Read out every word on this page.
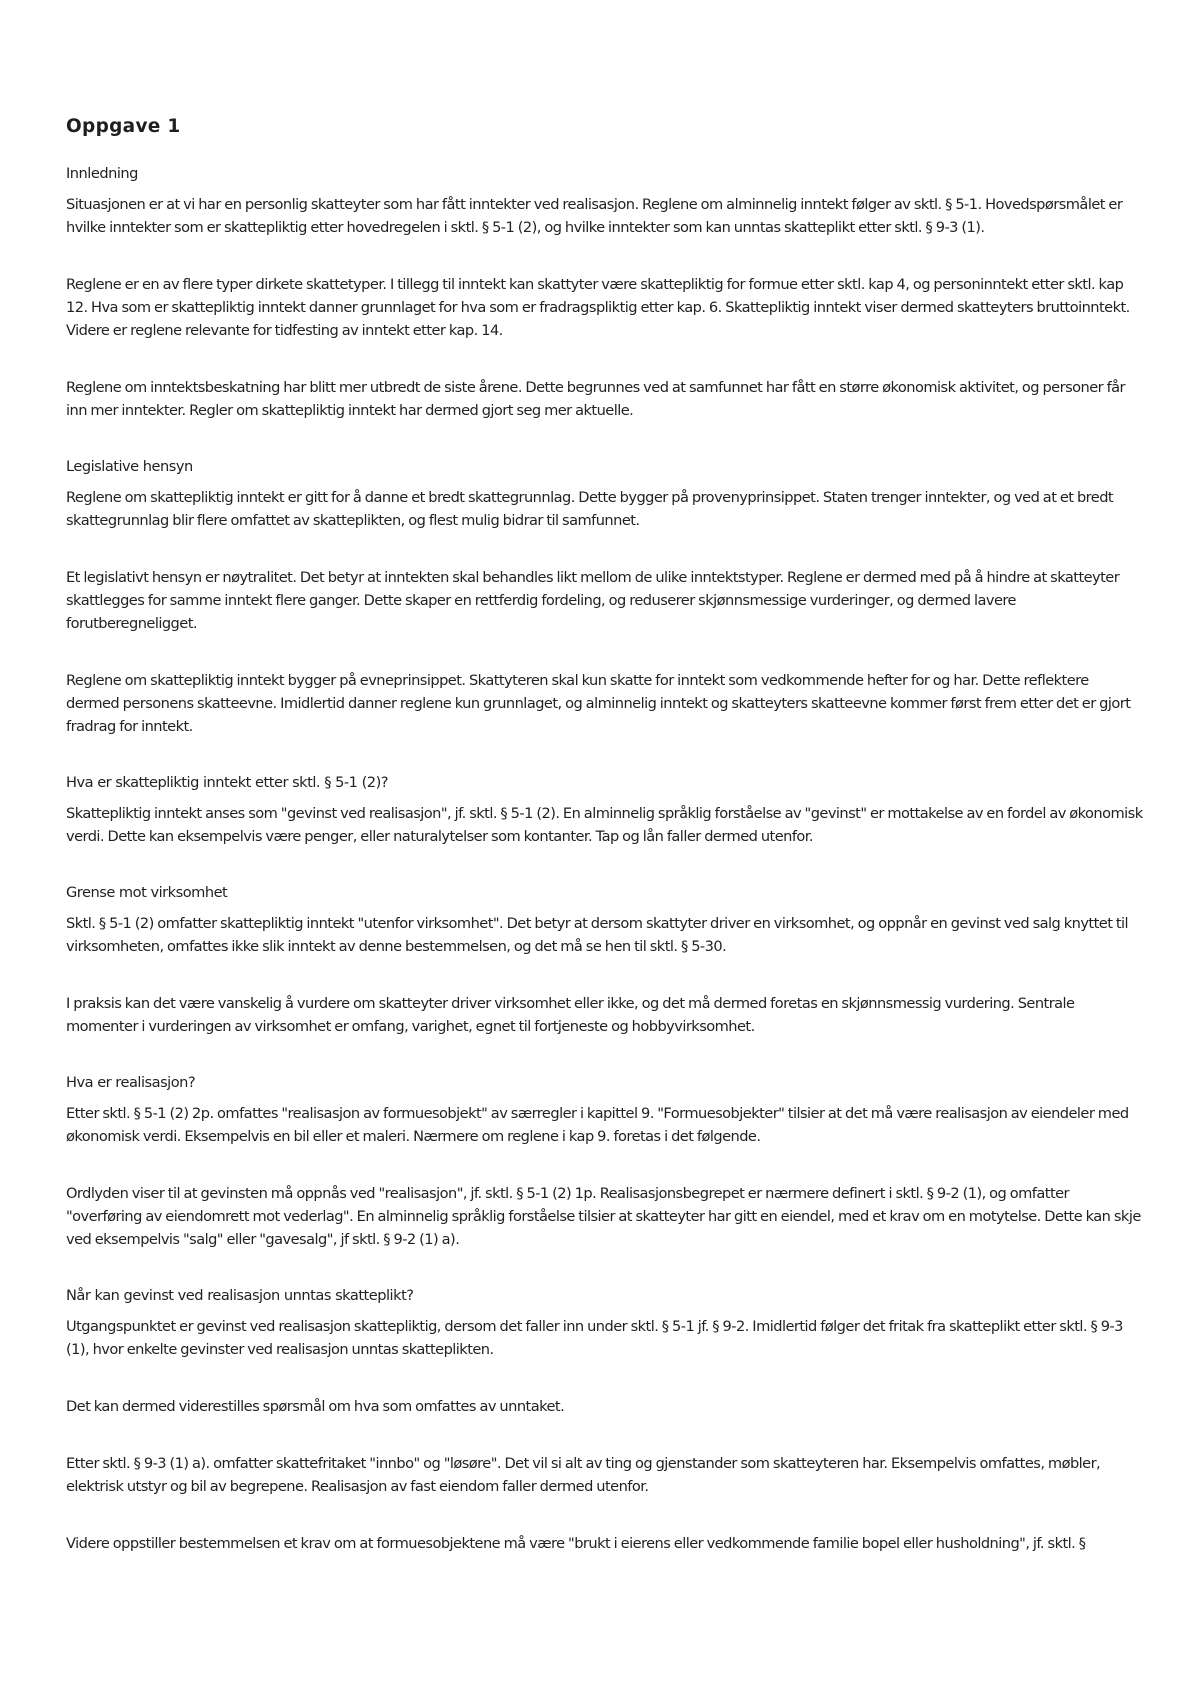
Oppgave 1
Innledning

Situasjonen er at vi har en personlig skatteyter som har fått inntekter ved realisasjon. Reglene om alminnelig inntekt følger av sktl. § 5-1. Hovedspørsmålet er hvilke inntekter som er skattepliktig etter hovedregelen i sktl. § 5-1 (2), og hvilke inntekter som kan unntas skatteplikt etter sktl. § 9-3 (1).

Reglene er en av flere typer dirkete skattetyper. I tillegg til inntekt kan skattyter være skattepliktig for formue etter sktl. kap 4, og personinntekt etter sktl. kap 12. Hva som er skattepliktig inntekt danner grunnlaget for hva som er fradragspliktig etter kap. 6. Skattepliktig inntekt viser dermed skatteyters bruttoinntekt. Videre er reglene relevante for tidfesting av inntekt etter kap. 14.

Reglene om inntektsbeskatning har blitt mer utbredt de siste årene. Dette begrunnes ved at samfunnet har fått en større økonomisk aktivitet, og personer får inn mer inntekter. Regler om skattepliktig inntekt har dermed gjort seg mer aktuelle.

Legislative hensyn

Reglene om skattepliktig inntekt er gitt for å danne et bredt skattegrunnlag. Dette bygger på provenyprinsippet. Staten trenger inntekter, og ved at et bredt skattegrunnlag blir flere omfattet av skatteplikten, og flest mulig bidrar til samfunnet.

Et legislativt hensyn er nøytralitet. Det betyr at inntekten skal behandles likt mellom de ulike inntektstyper. Reglene er dermed med på å hindre at skatteyter skattlegges for samme inntekt flere ganger. Dette skaper en rettferdig fordeling, og reduserer skjønnsmessige vurderinger, og dermed lavere forutberegneligget.

Reglene om skattepliktig inntekt bygger på evneprinsippet. Skattyteren skal kun skatte for inntekt som vedkommende hefter for og har. Dette reflektere dermed personens skatteevne. Imidlertid danner reglene kun grunnlaget, og alminnelig inntekt og skatteyters skatteevne kommer først frem etter det er gjort fradrag for inntekt.

Hva er skattepliktig inntekt etter sktl. § 5-1 (2)?

Skattepliktig inntekt anses som "gevinst ved realisasjon", jf. sktl. § 5-1 (2). En alminnelig språklig forståelse av "gevinst" er mottakelse av en fordel av økonomisk verdi. Dette kan eksempelvis være penger, eller naturalytelser som kontanter. Tap og lån faller dermed utenfor.

Grense mot virksomhet

Sktl. § 5-1 (2) omfatter skattepliktig inntekt "utenfor virksomhet". Det betyr at dersom skattyter driver en virksomhet, og oppnår en gevinst ved salg knyttet til virksomheten, omfattes ikke slik inntekt av denne bestemmelsen, og det må se hen til sktl. § 5-30.

I praksis kan det være vanskelig å vurdere om skatteyter driver virksomhet eller ikke, og det må dermed foretas en skjønnsmessig vurdering. Sentrale momenter i vurderingen av virksomhet er omfang, varighet, egnet til fortjeneste og hobbyvirksomhet.

Hva er realisasjon?

Etter sktl. § 5-1 (2) 2p. omfattes "realisasjon av formuesobjekt" av særregler i kapittel 9. "Formuesobjekter" tilsier at det må være realisasjon av eiendeler med økonomisk verdi. Eksempelvis en bil eller et maleri. Nærmere om reglene i kap 9. foretas i det følgende.

Ordlyden viser til at gevinsten må oppnås ved "realisasjon", jf. sktl. § 5-1 (2) 1p. Realisasjonsbegrepet er nærmere definert i sktl. § 9-2 (1), og omfatter "overføring av eiendomrett mot vederlag". En alminnelig språklig forståelse tilsier at skatteyter har gitt en eiendel, med et krav om en motytelse. Dette kan skje ved eksempelvis "salg" eller "gavesalg", jf sktl. § 9-2 (1) a).

Når kan gevinst ved realisasjon unntas skatteplikt?

Utgangspunktet er gevinst ved realisasjon skattepliktig, dersom det faller inn under sktl. § 5-1 jf. § 9-2. Imidlertid følger det fritak fra skatteplikt etter sktl. § 9-3 (1), hvor enkelte gevinster ved realisasjon unntas skatteplikten.

Det kan dermed viderestilles spørsmål om hva som omfattes av unntaket.

Etter sktl. § 9-3 (1) a). omfatter skattefritaket "innbo" og "løsøre". Det vil si alt av ting og gjenstander som skatteyteren har. Eksempelvis omfattes, møbler, elektrisk utstyr og bil av begrepene. Realisasjon av fast eiendom faller dermed utenfor.

Videre oppstiller bestemmelsen et krav om at formuesobjektene må være "brukt i eierens eller vedkommende familie bopel eller husholdning", jf. sktl. §
